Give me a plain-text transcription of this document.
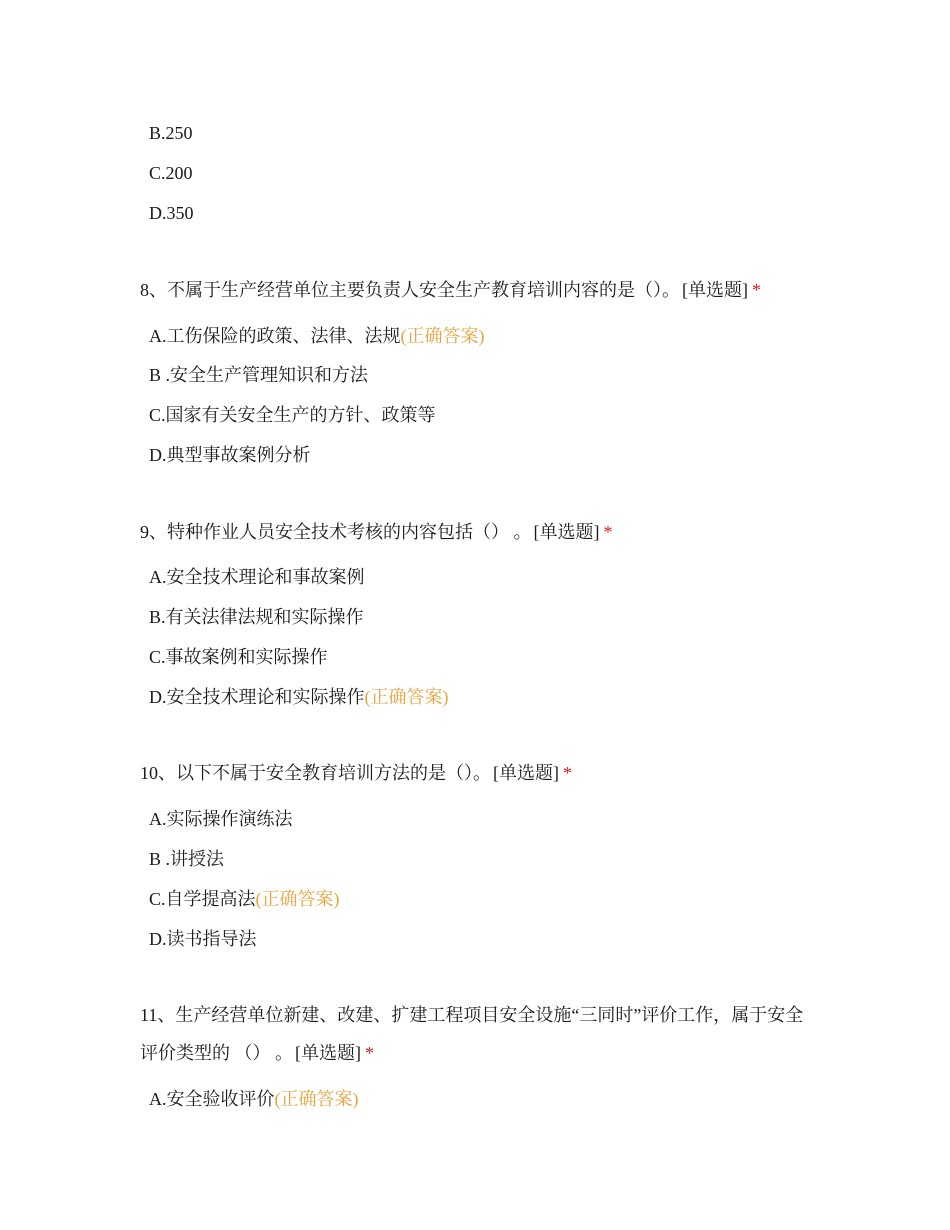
B.250
C.200
D.350
8、不属于生产经营单位主要负责人安全生产教育培训内容的是（）。 [单选题] *
A.工伤保险的政策、法律、法规(正确答案)
B .安全生产管理知识和方法
C.国家有关安全生产的方针、政策等
D.典型事故案例分析
9、特种作业人员安全技术考核的内容包括（） 。 [单选题] *
A.安全技术理论和事故案例
B.有关法律法规和实际操作
C.事故案例和实际操作
D.安全技术理论和实际操作(正确答案)
10、以下不属于安全教育培训方法的是（）。 [单选题] *
A.实际操作演练法
B .讲授法
C.自学提高法(正确答案)
D.读书指导法
11、生产经营单位新建、改建、扩建工程项目安全设施“三同时”评价工作，属于安全评价类型的 （） 。 [单选题] *
A.安全验收评价(正确答案)
